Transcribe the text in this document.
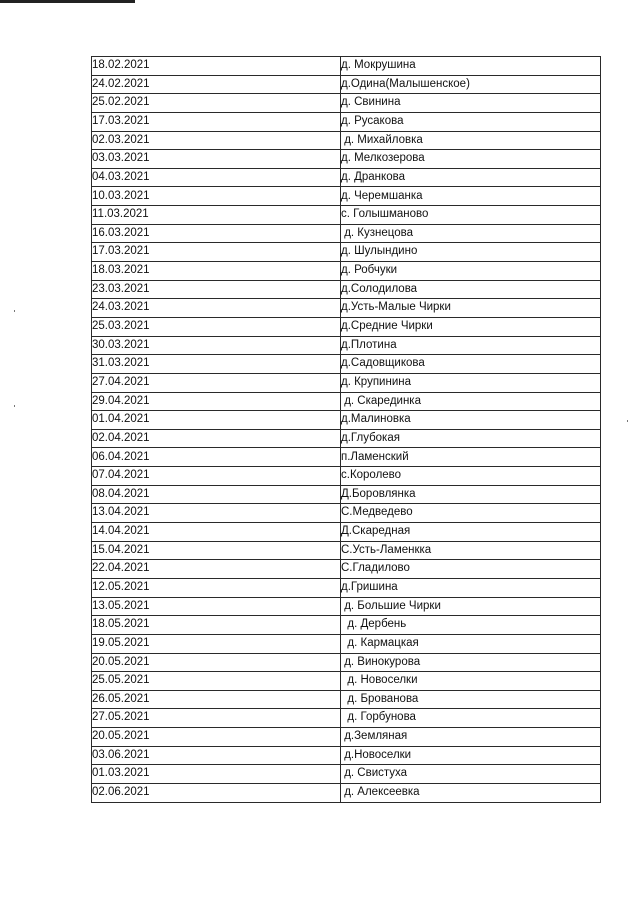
18.02.2021	д. Мокрушина
24.02.2021	д.Одина(Малышенское)
25.02.2021	д. Свинина
17.03.2021	д. Русакова
02.03.2021	д. Михайловка
03.03.2021	д. Мелкозерова
04.03.2021	д. Дранкова
10.03.2021	д. Черемшанка
11.03.2021	с. Голышманово
16.03.2021	д. Кузнецова
17.03.2021	д. Шулындино
18.03.2021	д. Робчуки
23.03.2021	д.Солодилова
24.03.2021	д.Усть-Малые Чирки
25.03.2021	д.Средние Чирки
30.03.2021	д.Плотина
31.03.2021	д.Садовщикова
27.04.2021	д. Крупинина
29.04.2021	д. Скарединка
01.04.2021	д.Малиновка
02.04.2021	д.Глубокая
06.04.2021	п.Ламенский
07.04.2021	с.Королево
08.04.2021	Д.Боровлянка
13.04.2021	С.Медведево
14.04.2021	Д.Скаредная
15.04.2021	С.Усть-Ламенкка
22.04.2021	С.Гладилово
12.05.2021	д.Гришина
13.05.2021	д. Большие Чирки
18.05.2021	д. Дербень
19.05.2021	д. Кармацкая
20.05.2021	д. Винокурова
25.05.2021	д. Новоселки
26.05.2021	д. Брованова
27.05.2021	д. Горбунова
20.05.2021	д.Земляная
03.06.2021	д.Новоселки
01.03.2021	д. Свистуха
02.06.2021	д. Алексеевка
